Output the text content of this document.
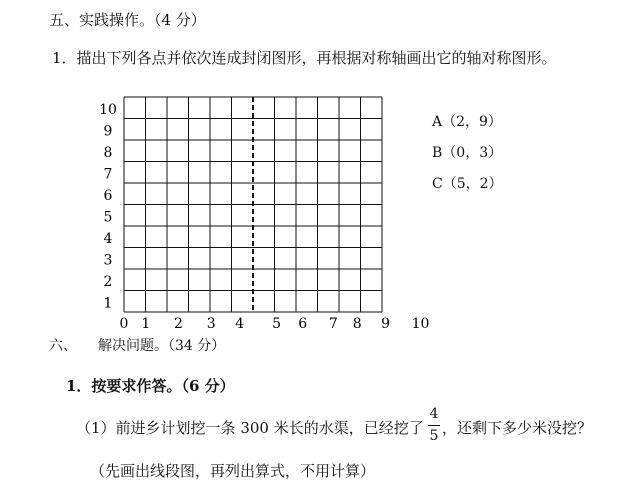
五、实践操作。（4 分）
1．描出下列各点并依次连成封闭图形，再根据对称轴画出它的轴对称图形。
0 1 2 3 4 5 6 7 8 9 10
1
2
3
4
5
6
7
8
9
10
A（2，9）
B（0，3）
C（5，2）
六、 解决问题。（34 分）
1．按要求作答。（6 分）
（1）前进乡计划挖一条 300 米长的水渠，已经挖了
4
5 ，还剩下多少米没挖？
（先画出线段图，再列出算式，不用计算）
